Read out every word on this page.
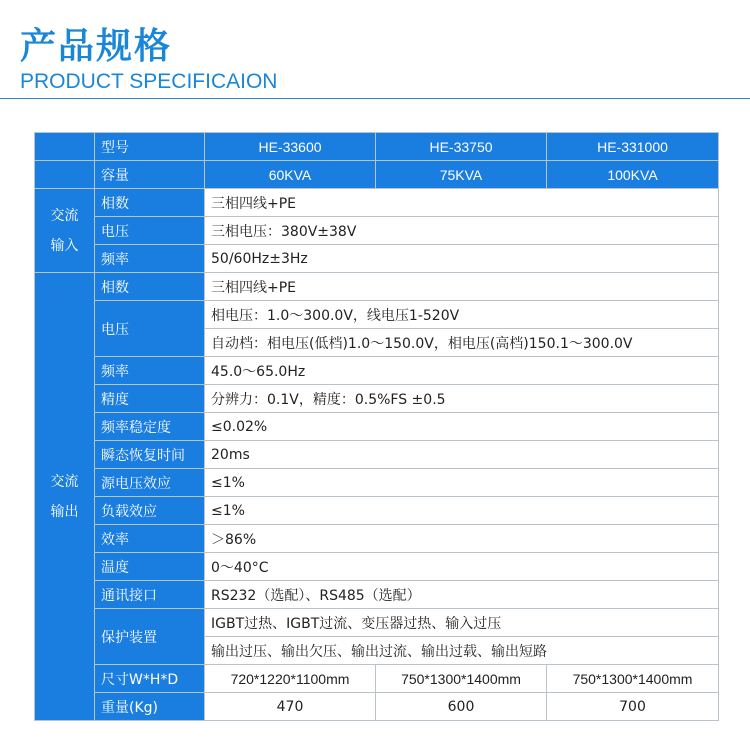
产品规格
PRODUCT SPECIFICAION
	型号	HE-33600	HE-33750	HE-331000
	容量	60KVA	75KVA	100KVA

交流
输入	相数	三相四线+PE		
	电压	三相电压：380V±38V		
	频率	50/60Hz±3Hz		

交流
输出	相数	三相四线+PE		
	电压	相电压：1.0～300.0V，线电压1-520V		
		自动档：相电压(低档)1.0～150.0V，相电压(高档)150.1～300.0V		
	频率	45.0～65.0Hz		
	精度	分辨力：0.1V，精度：0.5%FS ±0.5		
	频率稳定度	≤0.02%		
	瞬态恢复时间	20ms		
	源电压效应	≤1%		
	负载效应	≤1%		
	效率	＞86%		
	温度	0～40°C		
	通讯接口	RS232（选配）、RS485（选配）		
	保护装置	IGBT过热、IGBT过流、变压器过热、输入过压		
		输出过压、输出欠压、输出过流、输出过载、输出短路		
	尺寸W*H*D	720*1220*1100mm	750*1300*1400mm	750*1300*1400mm
	重量(Kg)	470	600	700
